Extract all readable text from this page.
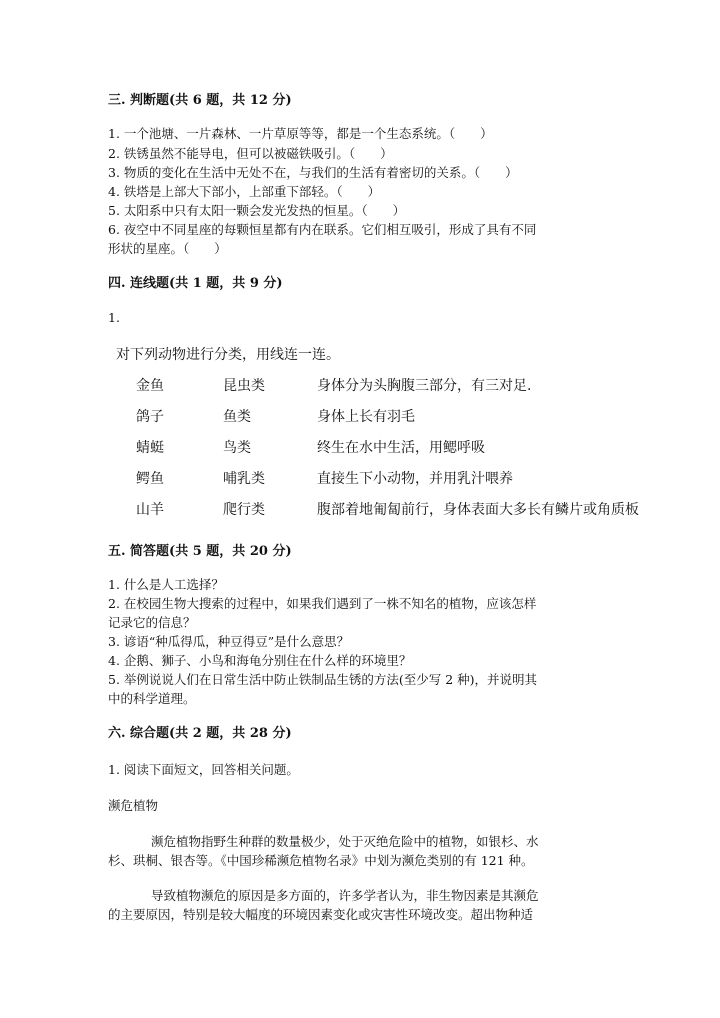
三. 判断题(共 6 题，共 12 分)
1. 一个池塘、一片森林、一片草原等等，都是一个生态系统。（　　）
2. 铁锈虽然不能导电，但可以被磁铁吸引。（　　）
3. 物质的变化在生活中无处不在，与我们的生活有着密切的关系。（　　）
4. 铁塔是上部大下部小，上部重下部轻。（　　）
5. 太阳系中只有太阳一颗会发光发热的恒星。（　　）
6. 夜空中不同星座的每颗恒星都有内在联系。它们相互吸引，形成了具有不同
形状的星座。（　　）
四. 连线题(共 1 题，共 9 分)
1.
对下列动物进行分类，用线连一连。
金鱼
鸽子
蜻蜓
鳄鱼
山羊
昆虫类
鱼类
鸟类
哺乳类
爬行类
身体分为头胸腹三部分，有三对足.
身体上长有羽毛
终生在水中生活，用鳃呼吸
直接生下小动物，并用乳汁喂养
腹部着地匍匐前行，身体表面大多长有鳞片或角质板
五. 简答题(共 5 题，共 20 分)
1. 什么是人工选择？
2. 在校园生物大搜索的过程中，如果我们遇到了一株不知名的植物，应该怎样
记录它的信息？
3. 谚语“种瓜得瓜，种豆得豆”是什么意思？
4. 企鹅、狮子、小鸟和海龟分别住在什么样的环境里？
5. 举例说说人们在日常生活中防止铁制品生锈的方法(至少写 2 种)，并说明其
中的科学道理。
六. 综合题(共 2 题，共 28 分)
1. 阅读下面短文，回答相关问题。
濒危植物
濒危植物指野生种群的数量极少，处于灭绝危险中的植物，如银杉、水
杉、珙桐、银杏等。《中国珍稀濒危植物名录》中划为濒危类别的有 121 种。
导致植物濒危的原因是多方面的，许多学者认为，非生物因素是其濒危
的主要原因，特别是较大幅度的环境因素变化或灾害性环境改变。超出物种适
